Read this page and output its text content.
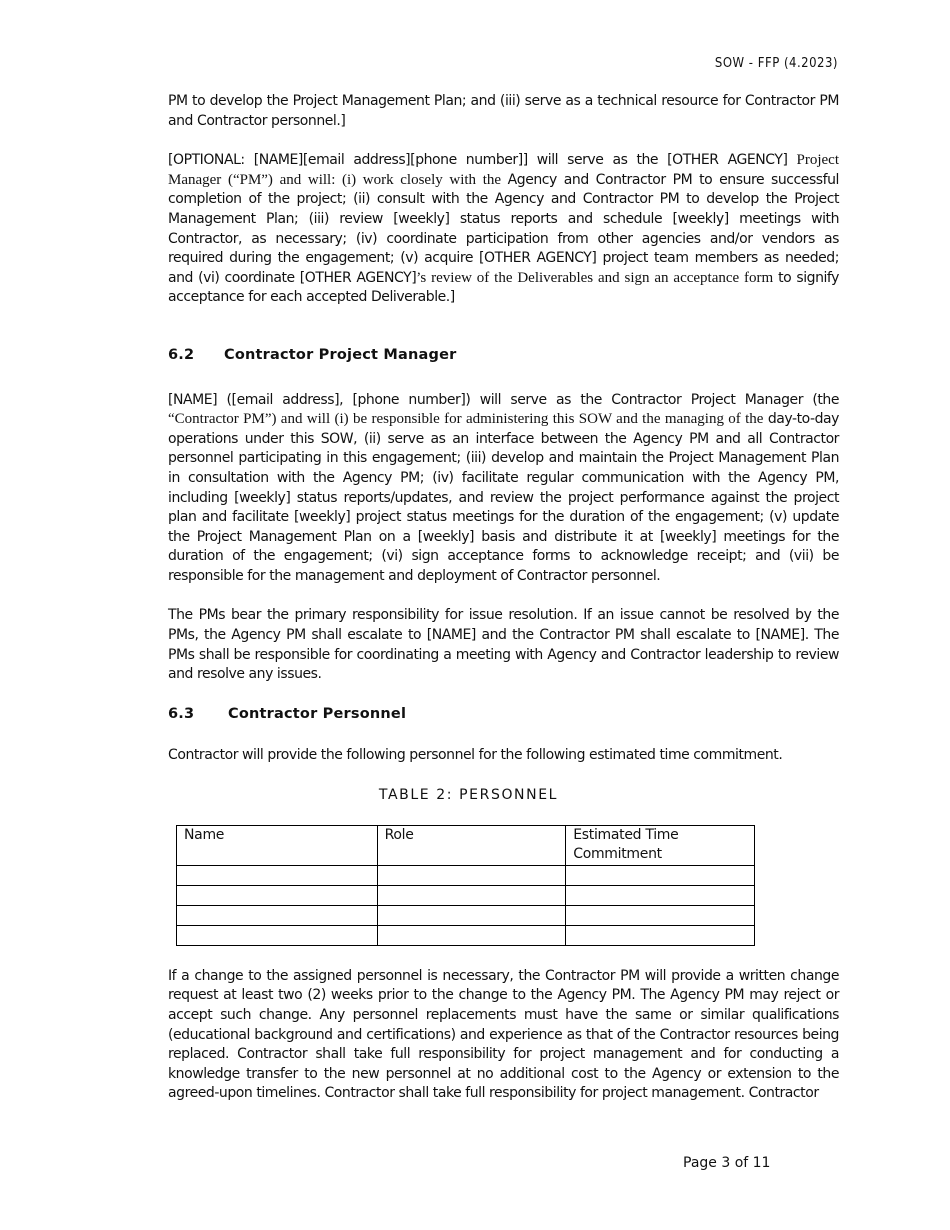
SOW - FFP (4.2023)

PM to develop the Project Management Plan; and (iii) serve as a technical resource for Contractor PM and Contractor personnel.]

[OPTIONAL: [NAME][email address][phone number]] will serve as the [OTHER AGENCY] Project Manager (“PM”) and will: (i) work closely with the Agency and Contractor PM to ensure successful completion of the project; (ii) consult with the Agency and Contractor PM to develop the Project Management Plan; (iii) review [weekly] status reports and schedule [weekly] meetings with Contractor, as necessary; (iv) coordinate participation from other agencies and/or vendors as required during the engagement; (v) acquire [OTHER AGENCY] project team members as needed; and (vi) coordinate [OTHER AGENCY]’s review of the Deliverables and sign an acceptance form to signify acceptance for each accepted Deliverable.]

6.2	Contractor Project Manager

[NAME] ([email address], [phone number]) will serve as the Contractor Project Manager (the “Contractor PM”) and will (i) be responsible for administering this SOW and the managing of the day-to-day operations under this SOW, (ii) serve as an interface between the Agency PM and all Contractor personnel participating in this engagement; (iii) develop and maintain the Project Management Plan in consultation with the Agency PM; (iv) facilitate regular communication with the Agency PM, including [weekly] status reports/updates, and review the project performance against the project plan and facilitate [weekly] project status meetings for the duration of the engagement; (v) update the Project Management Plan on a [weekly] basis and distribute it at [weekly] meetings for the duration of the engagement; (vi) sign acceptance forms to acknowledge receipt; and (vii) be responsible for the management and deployment of Contractor personnel.

The PMs bear the primary responsibility for issue resolution. If an issue cannot be resolved by the PMs, the Agency PM shall escalate to [NAME] and the Contractor PM shall escalate to [NAME]. The PMs shall be responsible for coordinating a meeting with Agency and Contractor leadership to review and resolve any issues.

6.3	Contractor Personnel

Contractor will provide the following personnel for the following estimated time commitment.

TABLE 2: PERSONNEL

Name	Role	Estimated Time Commitment

If a change to the assigned personnel is necessary, the Contractor PM will provide a written change request at least two (2) weeks prior to the change to the Agency PM. The Agency PM may reject or accept such change. Any personnel replacements must have the same or similar qualifications (educational background and certifications) and experience as that of the Contractor resources being replaced. Contractor shall take full responsibility for project management and for conducting a knowledge transfer to the new personnel at no additional cost to the Agency or extension to the agreed-upon timelines. Contractor shall take full responsibility for project management. Contractor

Page 3 of 11
